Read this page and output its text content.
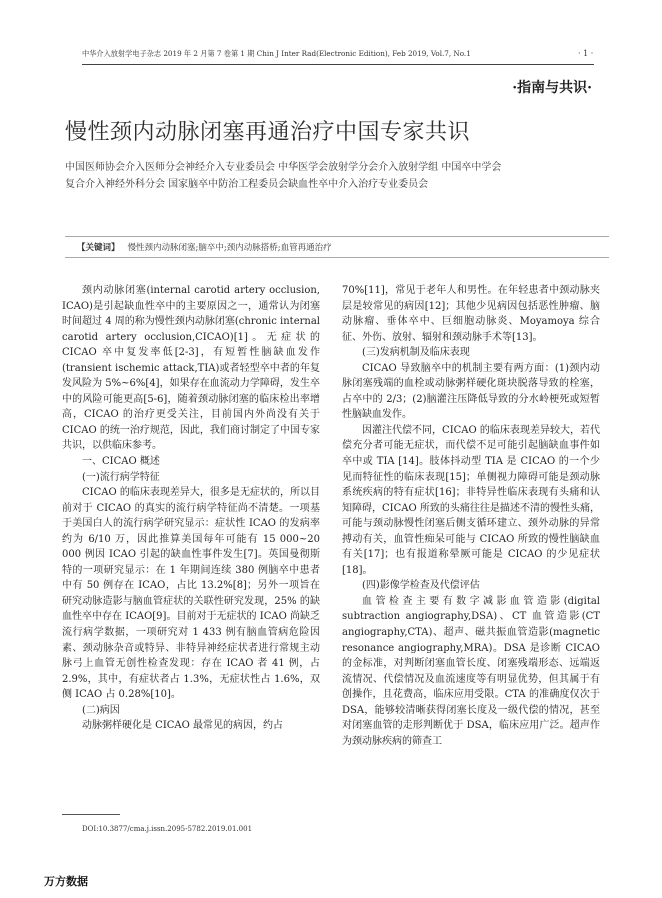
中华介入放射学电子杂志 2019 年 2 月第 7 卷第 1 期 Chin J Inter Rad(Electronic Edition), Feb 2019, Vol.7, No.1	· 1 ·
·指南与共识·
慢性颈内动脉闭塞再通治疗中国专家共识
中国医师协会介入医师分会神经介入专业委员会 中华医学会放射学分会介入放射学组 中国卒中学会复合介入神经外科分会 国家脑卒中防治工程委员会缺血性卒中介入治疗专业委员会
【关键词】 慢性颈内动脉闭塞;脑卒中;颈内动脉搭桥;血管再通治疗

颈内动脉闭塞(internal carotid artery occlusion, ICAO)是引起缺血性卒中的主要原因之一，通常认为闭塞时间超过 4 周的称为慢性颈内动脉闭塞(chronic internal carotid artery occlusion,CICAO)[1]。无症状的 CICAO 卒中复发率低[2-3]，有短暂性脑缺血发作(transient ischemic attack,TIA)或者轻型卒中者的年复发风险为 5%~6%[4]，如果存在血流动力学障碍，发生卒中的风险可能更高[5-6]，随着颈动脉闭塞的临床检出率增高，CICAO 的治疗更受关注，目前国内外尚没有关于 CICAO 的统一治疗规范，因此，我们商讨制定了中国专家共识，以供临床参考。

一、CICAO 概述

(一)流行病学特征

CICAO 的临床表现差异大，很多是无症状的，所以目前对于 CICAO 的真实的流行病学特征尚不清楚。一项基于美国白人的流行病学研究显示：症状性 ICAO 的发病率约为 6/10 万，因此推算美国每年可能有 15 000~20 000 例因 ICAO 引起的缺血性事件发生[7]。英国曼彻斯特的一项研究显示：在 1 年期间连续 380 例脑卒中患者中有 50 例存在 ICAO，占比 13.2%[8]；另外一项旨在研究动脉造影与脑血管症状的关联性研究发现，25% 的缺血性卒中存在 ICAO[9]。目前对于无症状的 ICAO 尚缺乏流行病学数据，一项研究对 1 433 例有脑血管病危险因素、颈动脉杂音或特异、非特异神经症状者进行常规主动脉弓上血管无创性检查发现：存在 ICAO 者 41 例，占 2.9%，其中，有症状者占 1.3%，无症状性占 1.6%，双侧 ICAO 占 0.28%[10]。

(二)病因

动脉粥样硬化是 CICAO 最常见的病因，约占

70%[11]，常见于老年人和男性。在年轻患者中颈动脉夹层是较常见的病因[12]；其他少见病因包括恶性肿瘤、脑动脉瘤、垂体卒中、巨细胞动脉炎、Moyamoya 综合征、外伤、放射、辐射和颈动脉手术等[13]。

(三)发病机制及临床表现

CICAO 导致脑卒中的机制主要有两方面：(1)颈内动脉闭塞残端的血栓或动脉粥样硬化斑块脱落导致的栓塞，占卒中的 2/3；(2)脑灌注压降低导致的分水岭梗死或短暂性脑缺血发作。

因灌注代偿不同，CICAO 的临床表现差异较大，若代偿充分者可能无症状，而代偿不足可能引起脑缺血事件如卒中或 TIA [14]。肢体抖动型 TIA 是 CICAO 的一个少见而特征性的临床表现[15]；单侧视力障碍可能是颈动脉系统疾病的特有症状[16]；非特异性临床表现有头痛和认知障碍，CICAO 所致的头痛往往是描述不清的慢性头痛，可能与颈动脉慢性闭塞后侧支循环建立、颈外动脉的异常搏动有关，血管性痴呆可能与 CICAO 所致的慢性脑缺血有关[17]；也有报道称晕厥可能是 CICAO 的少见症状[18]。

(四)影像学检查及代偿评估

血管检查主要有数字减影血管造影(digital subtraction angiography,DSA)、CT 血管造影(CT angiography,CTA)、超声、磁共振血管造影(magnetic resonance angiography,MRA)。DSA 是诊断 CICAO 的金标准，对判断闭塞血管长度、闭塞残端形态、远端返流情况、代偿情况及血流速度等有明显优势，但其属于有创操作，且花费高，临床应用受限。CTA 的准确度仅次于 DSA，能够较清晰获得闭塞长度及一级代偿的情况，甚至对闭塞血管的走形判断优于 DSA，临床应用广泛。超声作为颈动脉疾病的筛查工

DOI:10.3877/cma.j.issn.2095-5782.2019.01.001
万方数据
